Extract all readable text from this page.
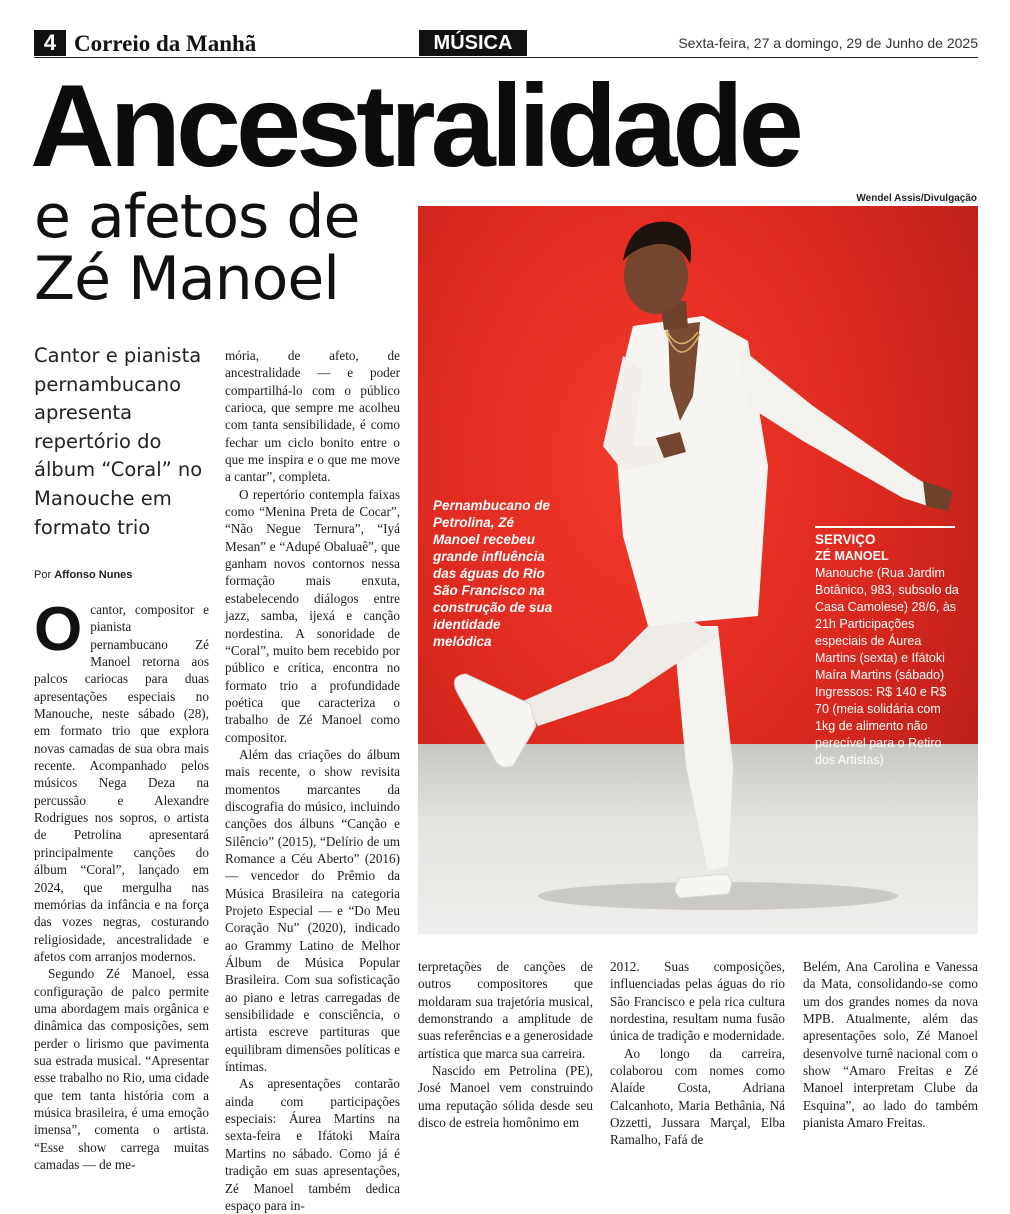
4 Correio da Manhã	MÚSICA	Sexta-feira, 27 a domingo, 29 de Junho de 2025
Ancestralidade
e afetos de
Zé Manoel
Wendel Assis/Divulgação
Pernambucano de Petrolina, Zé Manoel recebeu grande influência das águas do Rio São Francisco na construção de sua identidade melódica
SERVIÇO
ZÉ MANOEL
Manouche (Rua Jardim Botânico, 983, subsolo da Casa Camolese) 28/6, às 21h Participações especiais de Áurea Martins (sexta) e Ifátoki Maíra Martins (sábado) Ingressos: R$ 140 e R$ 70 (meia solidária com 1kg de alimento não perecível para o Retiro dos Artistas)
Cantor e pianista pernambucano apresenta repertório do álbum “Coral” no Manouche em formato trio
Por Affonso Nunes
O cantor, compositor e pianista pernambucano Zé Manoel retorna aos palcos cariocas para duas apresentações especiais no Manouche, neste sábado (28), em formato trio que explora novas camadas de sua obra mais recente. Acompanhado pelos músicos Nega Deza na percussão e Alexandre Rodrigues nos sopros, o artista de Petrolina apresentará principalmente canções do álbum “Coral”, lançado em 2024, que mergulha nas memórias da infância e na força das vozes negras, costurando religiosidade, ancestralidade e afetos com arranjos modernos.

Segundo Zé Manoel, essa configuração de palco permite uma abordagem mais orgânica e dinâmica das composições, sem perder o lirismo que pavimenta sua estrada musical. “Apresentar esse trabalho no Rio, uma cidade que tem tanta história com a música brasileira, é uma emoção imensa”, comenta o artista. “Esse show carrega muitas camadas — de me-

mória, de afeto, de ancestralidade — e poder compartilhá-lo com o público carioca, que sempre me acolheu com tanta sensibilidade, é como fechar um ciclo bonito entre o que me inspira e o que me move a cantar”, completa.

O repertório contempla faixas como “Menina Preta de Cocar”, “Não Negue Ternura”, “Iyá Mesan” e “Adupé Obaluaê”, que ganham novos contornos nessa formação mais enxuta, estabelecendo diálogos entre jazz, samba, ijexá e canção nordestina. A sonoridade de “Coral”, muito bem recebido por público e crítica, encontra no formato trio a profundidade poética que caracteriza o trabalho de Zé Manoel como compositor.

Além das criações do álbum mais recente, o show revisita momentos marcantes da discografia do músico, incluindo canções dos álbuns “Canção e Silêncio” (2015), “Delírio de um Romance a Céu Aberto” (2016) — vencedor do Prêmio da Música Brasileira na categoria Projeto Especial — e “Do Meu Coração Nu” (2020), indicado ao Grammy Latino de Melhor Álbum de Música Popular Brasileira. Com sua sofisticação ao piano e letras carregadas de sensibilidade e consciência, o artista escreve partituras que equilibram dimensões políticas e íntimas.

As apresentações contarão ainda com participações especiais: Áurea Martins na sexta-feira e Ifátoki Maíra Martins no sábado. Como já é tradição em suas apresentações, Zé Manoel também dedica espaço para in-

terpretações de canções de outros compositores que moldaram sua trajetória musical, demonstrando a amplitude de suas referências e a generosidade artística que marca sua carreira.

Nascido em Petrolina (PE), José Manoel vem construindo uma reputação sólida desde seu disco de estreia homônimo em

2012. Suas composições, influenciadas pelas águas do rio São Francisco e pela rica cultura nordestina, resultam numa fusão única de tradição e modernidade.

Ao longo da carreira, colaborou com nomes como Alaíde Costa, Adriana Calcanhoto, Maria Bethânia, Ná Ozzetti, Jussara Marçal, Elba Ramalho, Fafá de

Belém, Ana Carolina e Vanessa da Mata, consolidando-se como um dos grandes nomes da nova MPB. Atualmente, além das apresentações solo, Zé Manoel desenvolve turnê nacional com o show “Amaro Freitas e Zé Manoel interpretam Clube da Esquina”, ao lado do também pianista Amaro Freitas.
